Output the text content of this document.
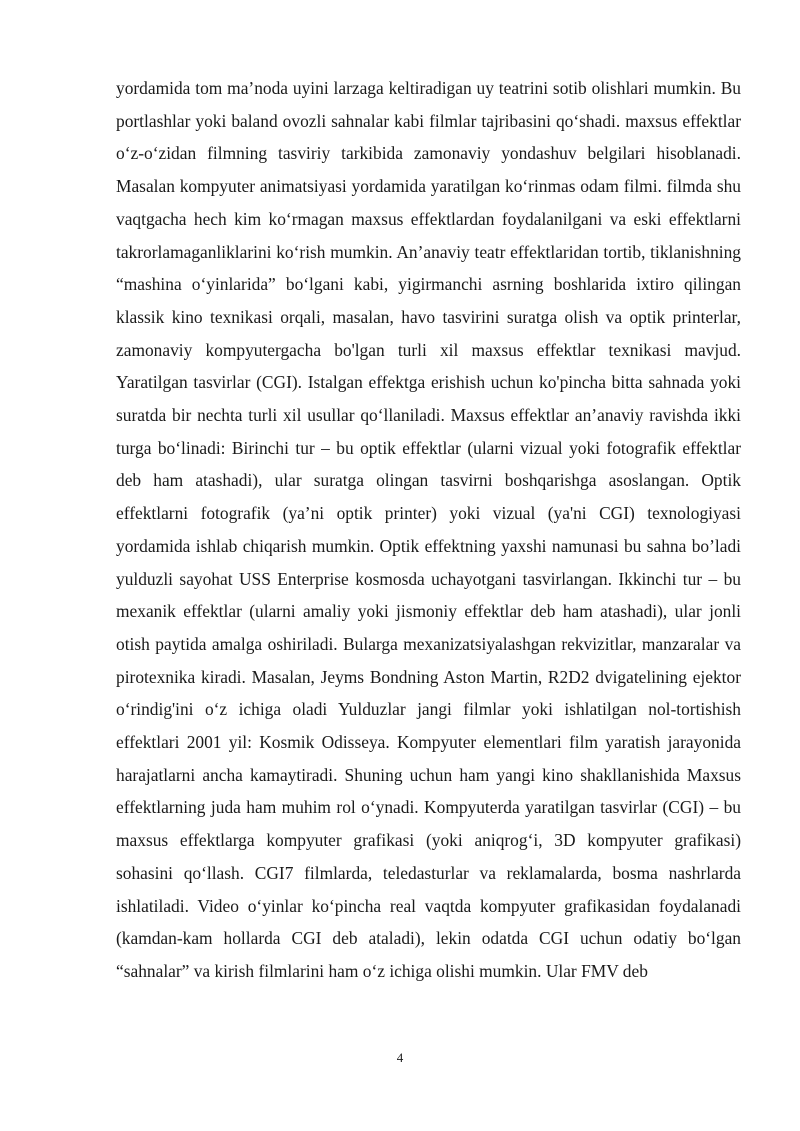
yordamida tom ma’noda uyini larzaga keltiradigan uy teatrini sotib olishlari mumkin. Bu portlashlar yoki baland ovozli sahnalar kabi filmlar tajribasini qo‘shadi. maxsus effektlar o‘z-o‘zidan filmning tasviriy tarkibida zamonaviy yondashuv belgilari hisoblanadi. Masalan kompyuter animatsiyasi yordamida yaratilgan ko‘rinmas odam filmi. filmda shu vaqtgacha hech kim ko‘rmagan maxsus effektlardan foydalanilgani va eski effektlarni takrorlamaganliklarini ko‘rish mumkin. An’anaviy teatr effektlaridan tortib, tiklanishning “mashina o‘yinlarida” bo‘lgani kabi, yigirmanchi asrning boshlarida ixtiro qilingan klassik kino texnikasi orqali, masalan, havo tasvirini suratga olish va optik printerlar, zamonaviy kompyutergacha bo'lgan turli xil maxsus effektlar texnikasi mavjud. Yaratilgan tasvirlar (CGI). Istalgan effektga erishish uchun ko'pincha bitta sahnada yoki suratda bir nechta turli xil usullar qo‘llaniladi. Maxsus effektlar an’anaviy ravishda ikki turga bo‘linadi: Birinchi tur – bu optik effektlar (ularni vizual yoki fotografik effektlar deb ham atashadi), ular suratga olingan tasvirni boshqarishga asoslangan. Optik effektlarni fotografik (ya’ni optik printer) yoki vizual (ya'ni CGI) texnologiyasi yordamida ishlab chiqarish mumkin. Optik effektning yaxshi namunasi bu sahna bo’ladi yulduzli sayohat USS Enterprise kosmosda uchayotgani tasvirlangan. Ikkinchi tur – bu mexanik effektlar (ularni amaliy yoki jismoniy effektlar deb ham atashadi), ular jonli otish paytida amalga oshiriladi. Bularga mexanizatsiyalashgan rekvizitlar, manzaralar va pirotexnika kiradi. Masalan, Jeyms Bondning Aston Martin, R2D2 dvigatelining ejektor o‘rindig'ini o‘z ichiga oladi Yulduzlar jangi filmlar yoki ishlatilgan nol-tortishish effektlari 2001 yil: Kosmik Odisseya. Kompyuter elementlari film yaratish jarayonida harajatlarni ancha kamaytiradi. Shuning uchun ham yangi kino shakllanishida Maxsus effektlarning juda ham muhim rol o‘ynadi. Kompyuterda yaratilgan tasvirlar (CGI) – bu maxsus effektlarga kompyuter grafikasi (yoki aniqrog‘i, 3D kompyuter grafikasi) sohasini qo‘llash. CGI7 filmlarda, teledasturlar va reklamalarda, bosma nashrlarda ishlatiladi. Video o‘yinlar ko‘pincha real vaqtda kompyuter grafikasidan foydalanadi (kamdan-kam hollarda CGI deb ataladi), lekin odatda CGI uchun odatiy bo‘lgan “sahnalar” va kirish filmlarini ham o‘z ichiga olishi mumkin. Ular FMV deb

4
